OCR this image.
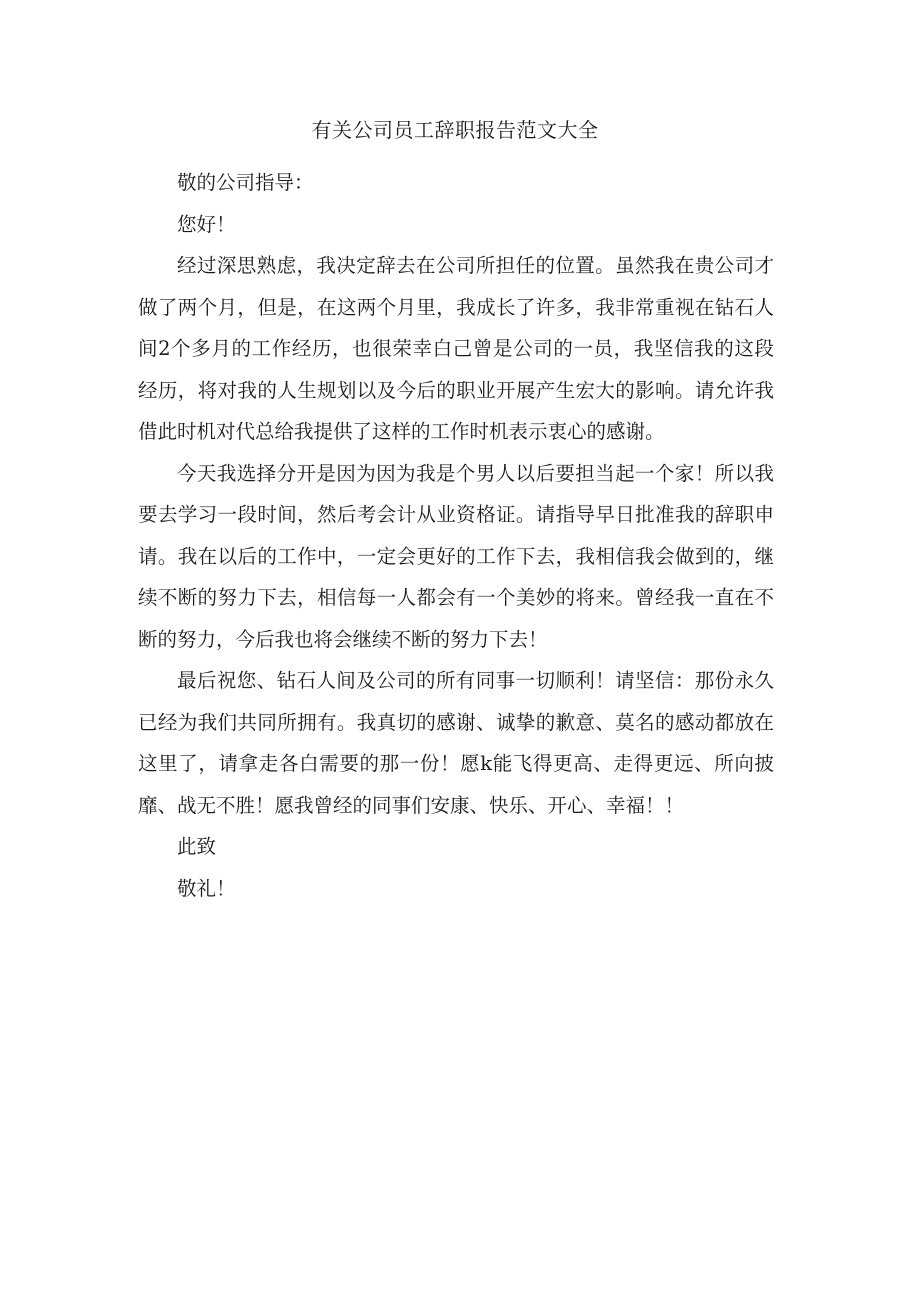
有关公司员工辞职报告范文大全

敬的公司指导：

您好！

经过深思熟虑，我决定辞去在公司所担任的位置。虽然我在贵公司才做了两个月，但是，在这两个月里，我成长了许多，我非常重视在钻石人间2个多月的工作经历，也很荣幸白己曾是公司的一员，我坚信我的这段经历，将对我的人生规划以及今后的职业开展产生宏大的影响。请允许我借此时机对代总给我提供了这样的工作时机表示衷心的感谢。

今天我选择分开是因为因为我是个男人以后要担当起一个家！所以我要去学习一段时间，然后考会计从业资格证。请指导早日批准我的辞职申请。我在以后的工作中，一定会更好的工作下去，我相信我会做到的，继续不断的努力下去，相信每一人都会有一个美妙的将来。曾经我一直在不断的努力，今后我也将会继续不断的努力下去！

最后祝您、钻石人间及公司的所有同事一切顺利！请坚信：那份永久已经为我们共同所拥有。我真切的感谢、诚挚的歉意、莫名的感动都放在这里了，请拿走各白需要的那一份！愿k能飞得更高、走得更远、所向披靡、战无不胜！愿我曾经的同事们安康、快乐、开心、幸福！！

此致

敬礼！
